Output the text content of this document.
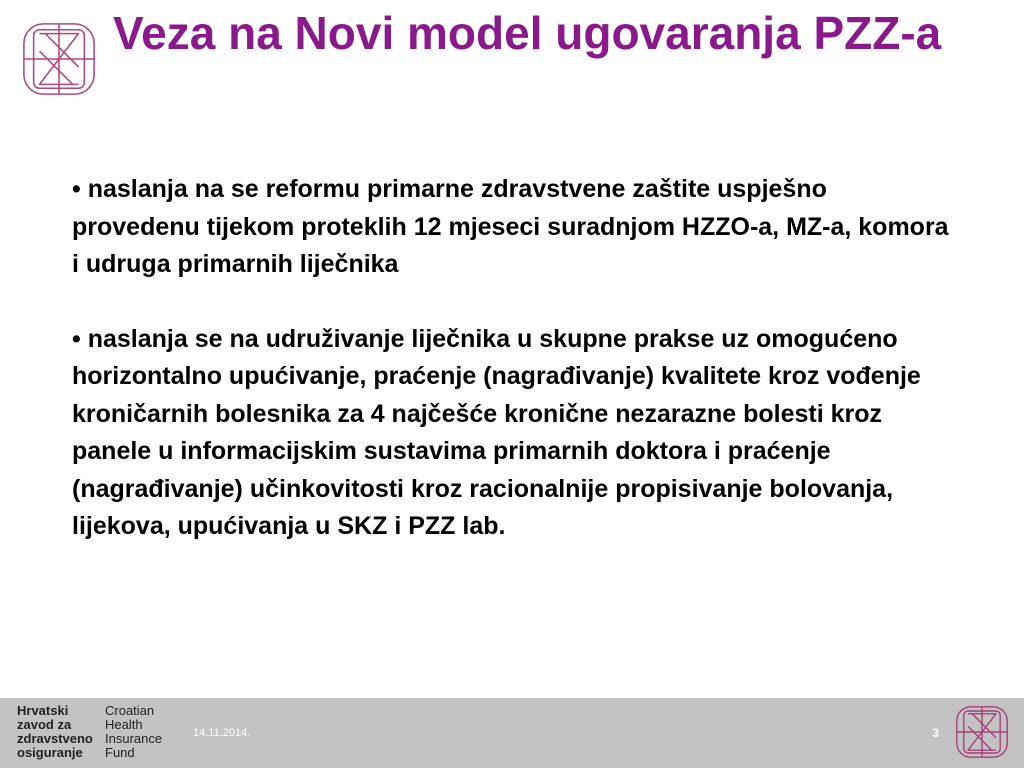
Veza na Novi model ugovaranja PZZ-a

• naslanja na se reformu primarne zdravstvene zaštite uspješno provedenu tijekom proteklih 12 mjeseci suradnjom HZZO-a, MZ-a, komora i udruga primarnih liječnika

• naslanja se na udruživanje liječnika u skupne prakse uz omogućeno horizontalno upućivanje, praćenje (nagrađivanje) kvalitete kroz vođenje kroničarnih bolesnika za 4 najčešće kronične nezarazne bolesti kroz panele u informacijskim sustavima primarnih doktora i praćenje (nagrađivanje) učinkovitosti kroz racionalnije propisivanje bolovanja, lijekova, upućivanja u SKZ i PZZ lab.

Hrvatski
zavod za
zdravstveno
osiguranje
Croatian
Health
Insurance
Fund
14.11.2014.	3
